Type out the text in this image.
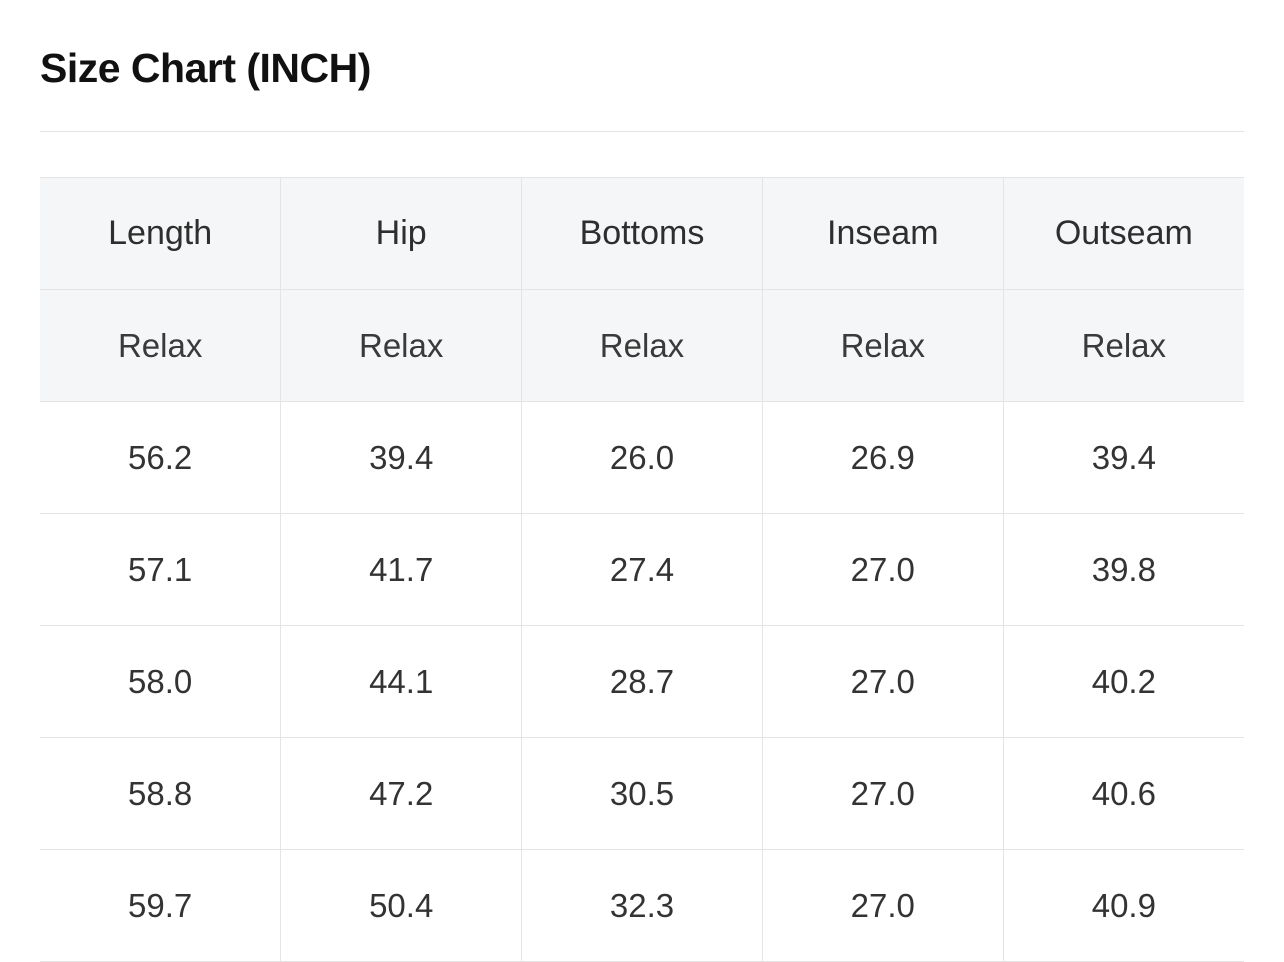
Size Chart (INCH)
Length	Hip	Bottoms	Inseam	Outseam
Relax	Relax	Relax	Relax	Relax
56.2	39.4	26.0	26.9	39.4
57.1	41.7	27.4	27.0	39.8
58.0	44.1	28.7	27.0	40.2
58.8	47.2	30.5	27.0	40.6
59.7	50.4	32.3	27.0	40.9
